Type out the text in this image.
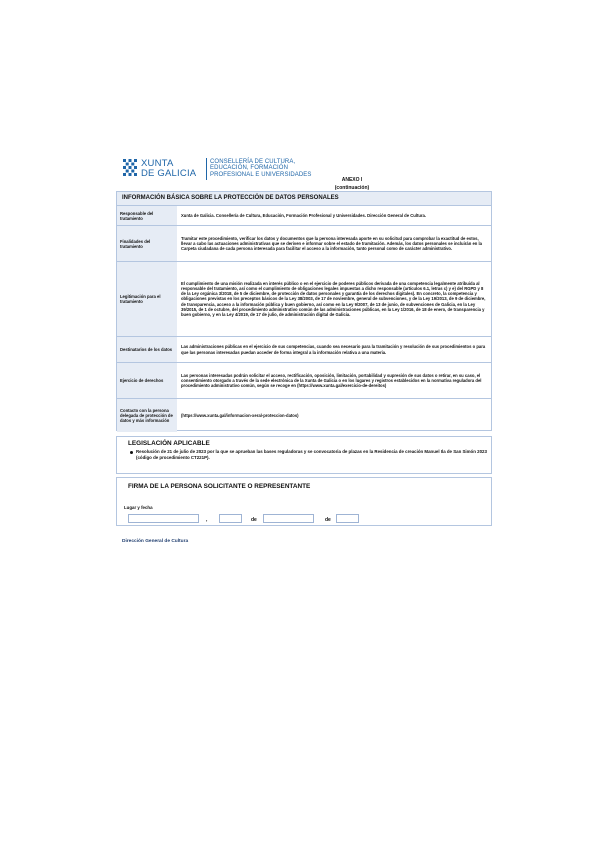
XUNTA
DE GALICIA
CONSELLERÍA DE CULTURA,
EDUCACIÓN, FORMACIÓN
PROFESIONAL E UNIVERSIDADES
ANEXO I
(continuación)
INFORMACIÓN BÁSICA SOBRE LA PROTECCIÓN DE DATOS PERSONALES
Responsable del tratamiento
Xunta de Galicia. Consellería de Cultura, Educación, Formación Profesional y Universidades. Dirección General de Cultura.
Finalidades del tratamiento
Tramitar este procedimiento, verificar los datos y documentos que la persona interesada aporte en su solicitud para comprobar la exactitud de estos, llevar a cabo las actuaciones administrativas que se deriven e informar sobre el estado de tramitación. Además, los datos personales se incluirán en la Carpeta ciudadana de cada persona interesada para facilitar el acceso a la información, tanto personal como de carácter administrativo.
Legitimación para el tratamiento
El cumplimiento de una misión realizada en interés público o en el ejercicio de poderes públicos derivada de una competencia legalmente atribuida al responsable del tratamiento, así como el cumplimiento de obligaciones legales impuestas a dicho responsable (artículos 6.1, letras c) y e) del RGPD y 8 de la Ley orgánica 3/2018, de 5 de diciembre, de protección de datos personales y garantía de los derechos digitales). En concreto, la competencia y obligaciones previstas en los preceptos básicos de la Ley 38/2003, de 17 de noviembre, general de subvenciones, y de la Ley 19/2013, de 9 de diciembre, de transparencia, acceso a la información pública y buen gobierno, así como en la Ley 9/2007, de 13 de junio, de subvenciones de Galicia, en la Ley 39/2015, de 1 de octubre, del procedimiento administrativo común de las administraciones públicas, en la Ley 1/2016, de 18 de enero, de transparencia y buen gobierno, y en la Ley 4/2019, de 17 de julio, de administración digital de Galicia.
Destinatarios de los datos
Las administraciones públicas en el ejercicio de sus competencias, cuando sea necesario para la tramitación y resolución de sus procedimientos o para que las personas interesadas puedan acceder de forma integral a la información relativa a una materia.
Ejercicio de derechos
Las personas interesadas podrán solicitar el acceso, rectificación, oposición, limitación, portabilidad y supresión de sus datos o retirar, en su caso, el consentimiento otorgado a través de la sede electrónica de la Xunta de Galicia o en los lugares y registros establecidos en la normativa reguladora del procedimiento administrativo común, según se recoge en (https://www.xunta.gal/exercicio-de-dereitos)
Contacto con la persona delegada de protección de datos y más información
(https://www.xunta.gal/informacion-xeral-proteccion-datos)
LEGISLACIÓN APLICABLE
Resolución de 21 de julio de 2023 por la que se aprueban las bases reguladoras y se convocatoria de plazas en la Residencia de creación Manuel Ila de San Simón 2023 (código de procedimiento CT221P).
FIRMA DE LA PERSONA SOLICITANTE O REPRESENTANTE
Lugar y fecha
,	de	de
Dirección General de Cultura
